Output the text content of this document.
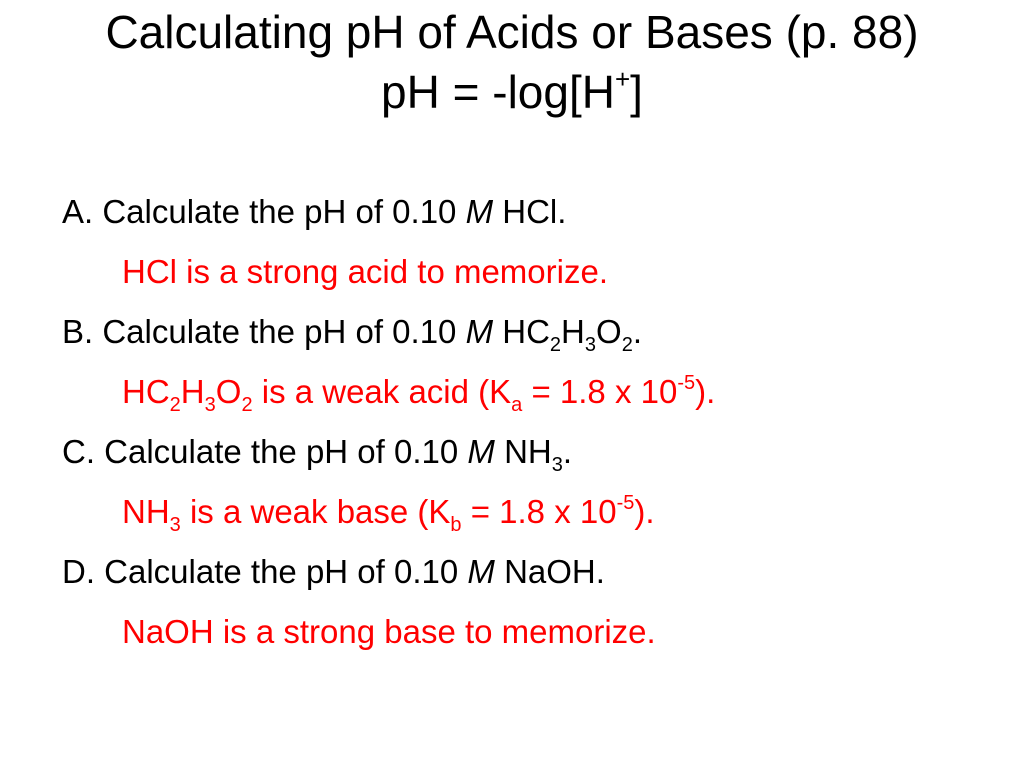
Calculating pH of Acids or Bases (p. 88)
pH = -log[H+]
A. Calculate the pH of 0.10 M HCl.
HCl is a strong acid to memorize.
B. Calculate the pH of 0.10 M $HC_2H_3O_2$.
$HC_2H_3O_2$ is a weak acid ($K_a = 1.8$ x $10^{-5}$).
C. Calculate the pH of 0.10 M $NH_3$.
$NH_3$ is a weak base ($K_b = 1.8$ x $10^{-5}$).
D. Calculate the pH of 0.10 M NaOH.
NaOH is a strong base to memorize.
